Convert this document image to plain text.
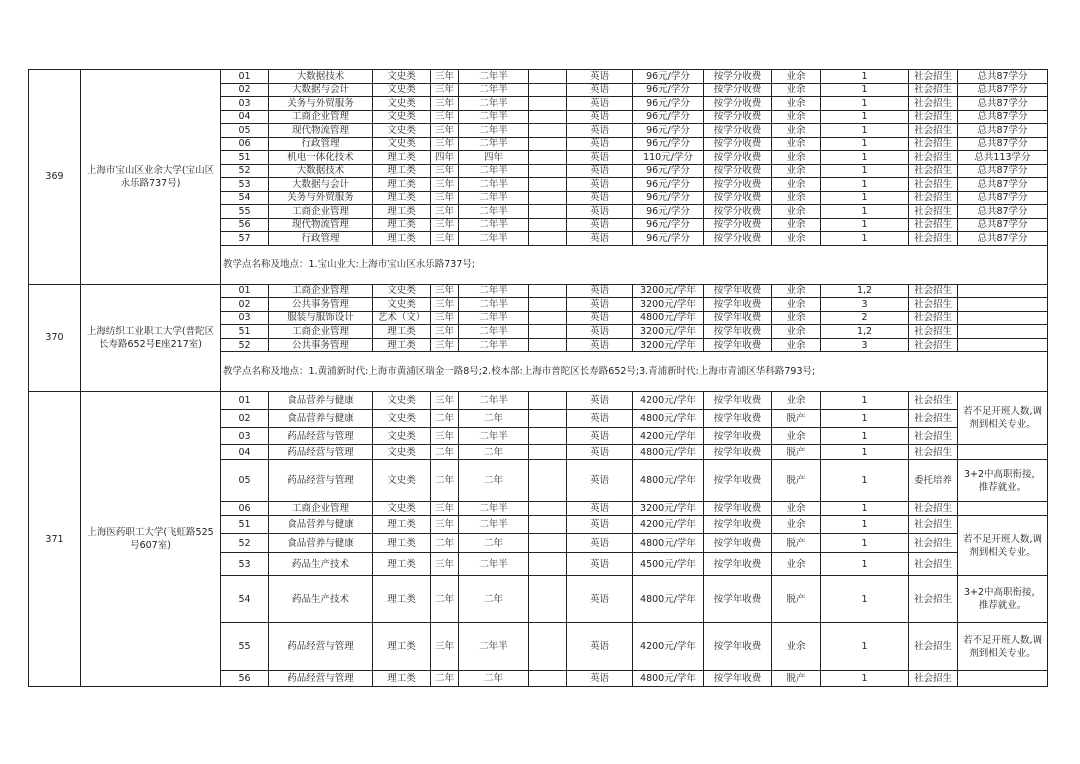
369	上海市宝山区业余大学(宝山区永乐路737号)	01	大数据技术	文史类	三年	二年半		英语	96元/学分	按学分收费	业余	1	社会招生	总共87学分
		02	大数据与会计	文史类	三年	二年半		英语	96元/学分	按学分收费	业余	1	社会招生	总共87学分
		03	关务与外贸服务	文史类	三年	二年半		英语	96元/学分	按学分收费	业余	1	社会招生	总共87学分
		04	工商企业管理	文史类	三年	二年半		英语	96元/学分	按学分收费	业余	1	社会招生	总共87学分
		05	现代物流管理	文史类	三年	二年半		英语	96元/学分	按学分收费	业余	1	社会招生	总共87学分
		06	行政管理	文史类	三年	二年半		英语	96元/学分	按学分收费	业余	1	社会招生	总共87学分
		51	机电一体化技术	理工类	四年	四年		英语	110元/学分	按学分收费	业余	1	社会招生	总共113学分
		52	大数据技术	理工类	三年	二年半		英语	96元/学分	按学分收费	业余	1	社会招生	总共87学分
		53	大数据与会计	理工类	三年	二年半		英语	96元/学分	按学分收费	业余	1	社会招生	总共87学分
		54	关务与外贸服务	理工类	三年	二年半		英语	96元/学分	按学分收费	业余	1	社会招生	总共87学分
		55	工商企业管理	理工类	三年	二年半		英语	96元/学分	按学分收费	业余	1	社会招生	总共87学分
		56	现代物流管理	理工类	三年	二年半		英语	96元/学分	按学分收费	业余	1	社会招生	总共87学分
		57	行政管理	理工类	三年	二年半		英语	96元/学分	按学分收费	业余	1	社会招生	总共87学分
		教学点名称及地点：1.宝山业大:上海市宝山区永乐路737号;												
370	上海纺织工业职工大学(普陀区长寿路652号E座217室)	01	工商企业管理	文史类	三年	二年半		英语	3200元/学年	按学年收费	业余	1,2	社会招生	
		02	公共事务管理	文史类	三年	二年半		英语	3200元/学年	按学年收费	业余	3	社会招生	
		03	服装与服饰设计	艺术（文）	三年	二年半		英语	4800元/学年	按学年收费	业余	2	社会招生	
		51	工商企业管理	理工类	三年	二年半		英语	3200元/学年	按学年收费	业余	1,2	社会招生	
		52	公共事务管理	理工类	三年	二年半		英语	3200元/学年	按学年收费	业余	3	社会招生	
		教学点名称及地点：1.黄浦新时代:上海市黄浦区瑞金一路8号;2.校本部:上海市普陀区长寿路652号;3.青浦新时代:上海市青浦区华科路793号;												
371	上海医药职工大学(飞虹路525号607室)	01	食品营养与健康	文史类	三年	二年半		英语	4200元/学年	按学年收费	业余	1	社会招生	若不足开班人数,调剂到相关专业。
		02	食品营养与健康	文史类	二年	二年		英语	4800元/学年	按学年收费	脱产	1	社会招生	
		03	药品经营与管理	文史类	三年	二年半		英语	4200元/学年	按学年收费	业余	1	社会招生	
		04	药品经营与管理	文史类	二年	二年		英语	4800元/学年	按学年收费	脱产	1	社会招生	
		05	药品经营与管理	文史类	二年	二年		英语	4800元/学年	按学年收费	脱产	1	委托培养	3+2中高职衔接，推荐就业。
		06	工商企业管理	文史类	三年	二年半		英语	3200元/学年	按学年收费	业余	1	社会招生	
		51	食品营养与健康	理工类	三年	二年半		英语	4200元/学年	按学年收费	业余	1	社会招生	若不足开班人数,调剂到相关专业。
		52	食品营养与健康	理工类	二年	二年		英语	4800元/学年	按学年收费	脱产	1	社会招生	
		53	药品生产技术	理工类	三年	二年半		英语	4500元/学年	按学年收费	业余	1	社会招生	
		54	药品生产技术	理工类	二年	二年		英语	4800元/学年	按学年收费	脱产	1	社会招生	3+2中高职衔接，推荐就业。
		55	药品经营与管理	理工类	三年	二年半		英语	4200元/学年	按学年收费	业余	1	社会招生	若不足开班人数,调剂到相关专业。
		56	药品经营与管理	理工类	二年	二年		英语	4800元/学年	按学年收费	脱产	1	社会招生	
